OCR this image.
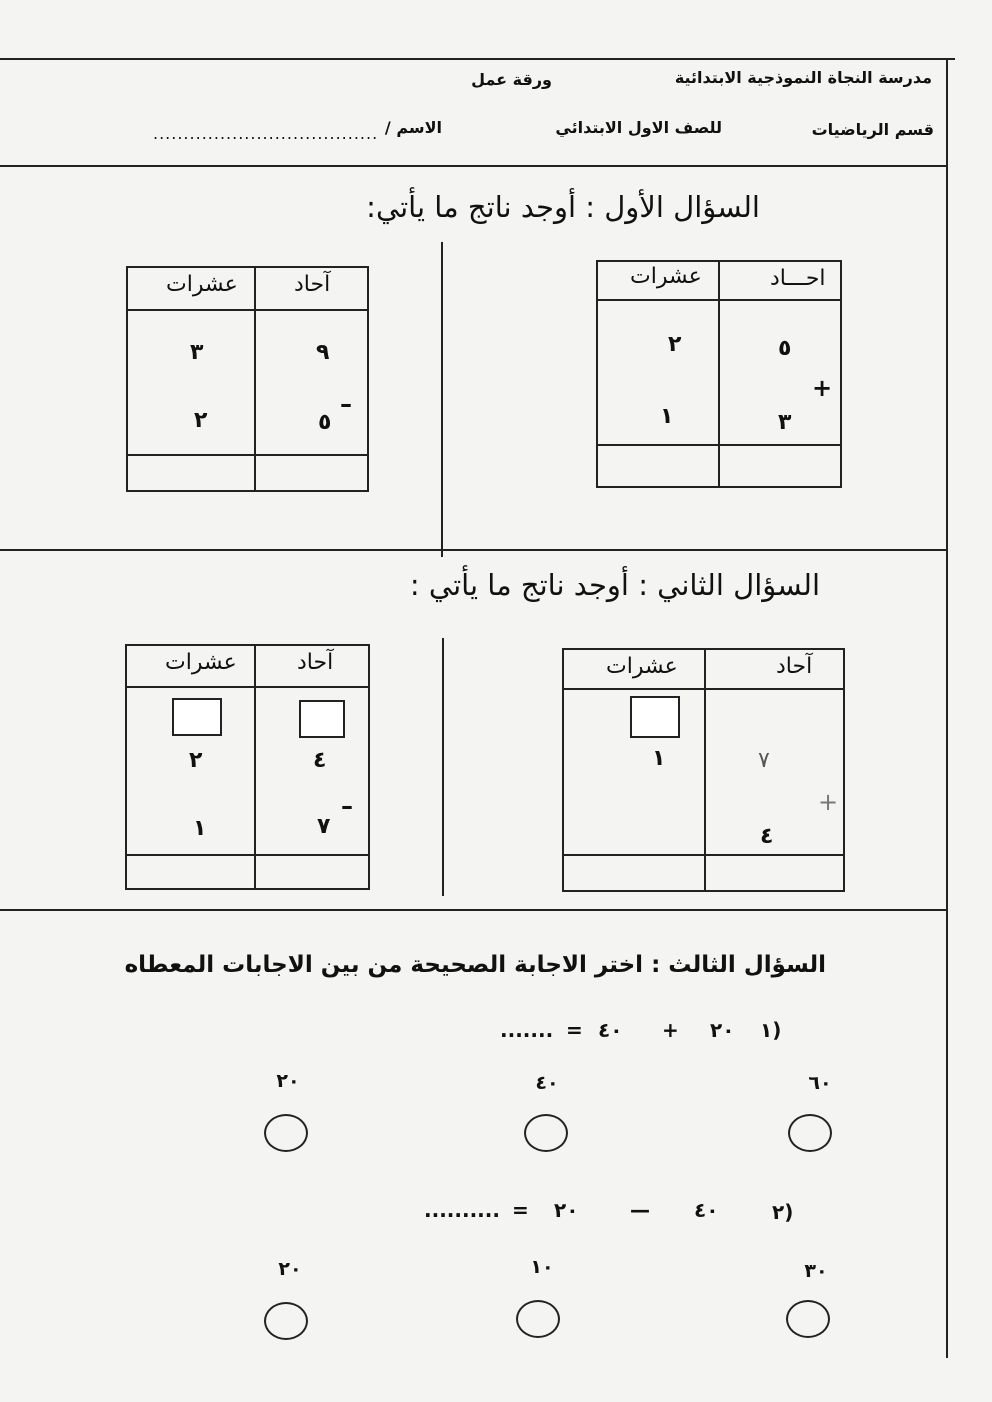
مدرسة النجاة النموذجية الابتدائية
ورقة عمل
قسم الرياضيات
للصف الاول الابتدائي
الاسم /
.....................................
السؤال الأول : أوجد ناتج ما يأتي:
احـــاد
عشرات
٥
٢
+
٣
١
آحاد
عشرات
٩
٣
–
٥
٢
السؤال الثاني : أوجد ناتج ما يأتي :
آحاد
عشرات
٧
١
+
٤
آحاد
عشرات
٤
٢
–
٧
١
السؤال الثالث : اختر الاجابة الصحيحة من بين الاجابات المعطاه
١)
٢٠
+
٤٠
=
.......
٦٠
٤٠
٢٠
٢)
٤٠
—
٢٠
=
..........
٣٠
١٠
٢٠
